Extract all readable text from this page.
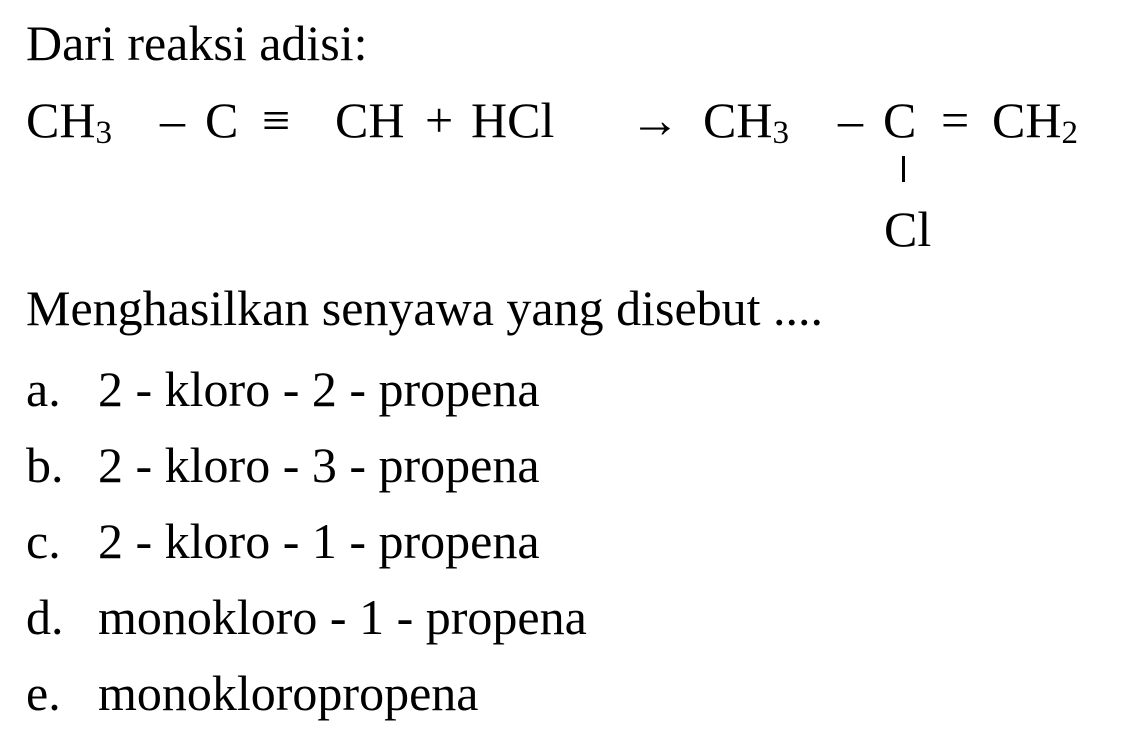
Dari reaksi adisi:
$CH_3$ – C ≡ CH + HCl → $CH_3 - C = CH_2$
Cl
Menghasilkan senyawa yang disebut ....
a. 2 - kloro - 2 - propena
b. 2 - kloro - 3 - propena
c. 2 - kloro - 1 - propena
d. monokloro - 1 - propena
e. monokloropropena
